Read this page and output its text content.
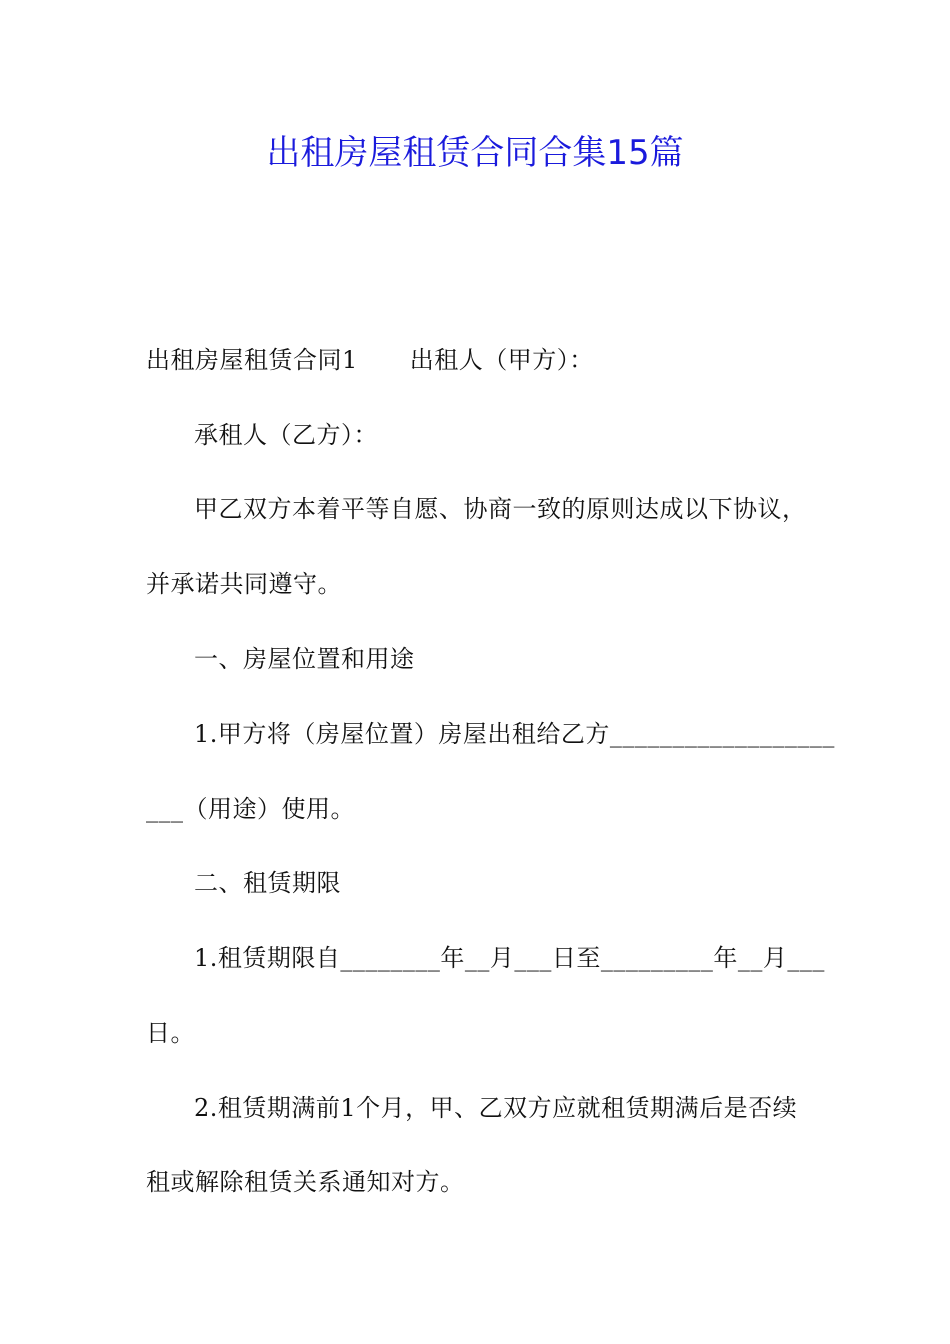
出租房屋租赁合同合集15篇
出租房屋租赁合同1 出租人（甲方）：
承租人（乙方）：
甲乙双方本着平等自愿、协商一致的原则达成以下协议，
并承诺共同遵守。
一、房屋位置和用途
1.甲方将（房屋位置）房屋出租给乙方__________________
___（用途）使用。
二、租赁期限
1.租赁期限自________年__月___日至_________年__月___
日。
2.租赁期满前1个月，甲、乙双方应就租赁期满后是否续
租或解除租赁关系通知对方。
